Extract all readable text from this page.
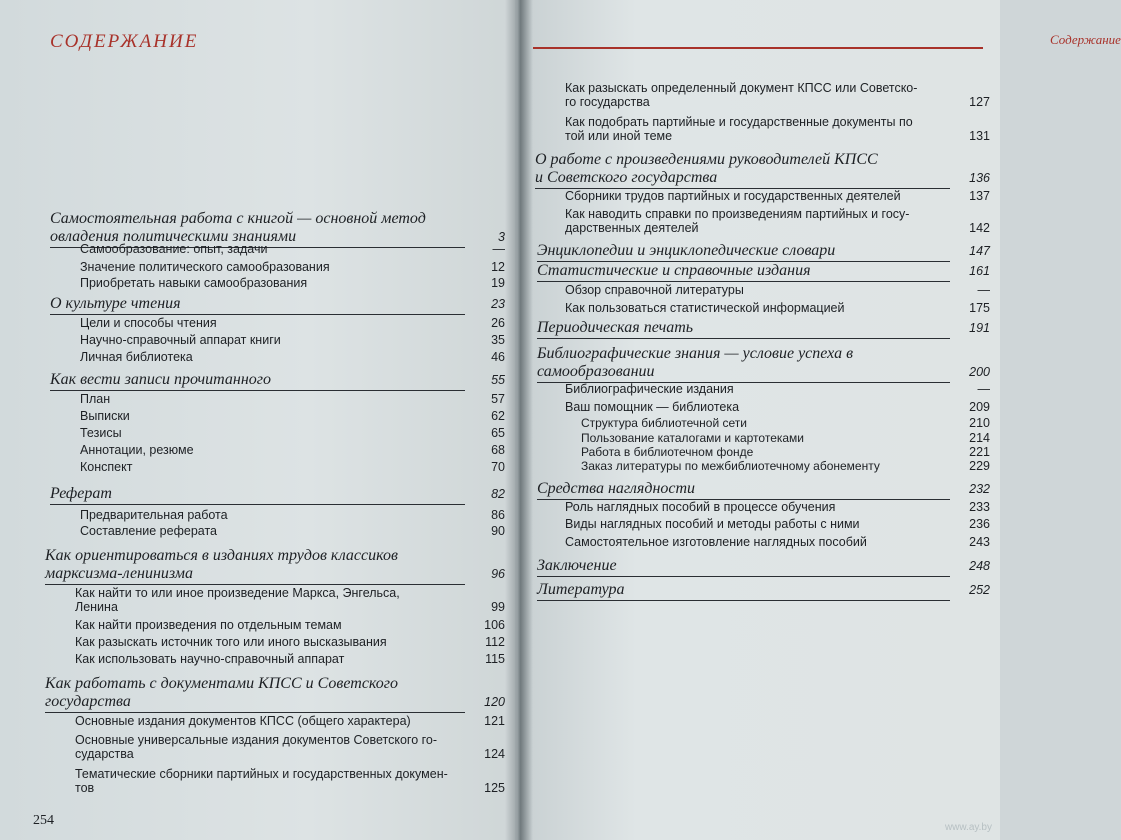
СОДЕРЖАНИЕ
Самостоятельная работа с книгой — основной метод
овладения политическими знаниями	3
Самообразование: опыт, задачи	—
Значение политического самообразования	12
Приобретать навыки самообразования	19
О культуре чтения	23
Цели и способы чтения	26
Научно-справочный аппарат книги	35
Личная библиотека	46
Как вести записи прочитанного	55
План	57
Выписки	62
Тезисы	65
Аннотации, резюме	68
Конспект	70
Реферат	82
Предварительная работа	86
Составление реферата	90
Как ориентироваться в изданиях трудов классиков
марксизма-ленинизма	96
Как найти то или иное произведение Маркса, Энгельса,
Ленина	99
Как найти произведения по отдельным темам	106
Как разыскать источник того или иного высказывания	112
Как использовать научно-справочный аппарат	115
Как работать с документами КПСС и Советского
государства	120
Основные издания документов КПСС (общего характера)	121
Основные универсальные издания документов Советского го-
сударства	124
Тематические сборники партийных и государственных докумен-
тов	125
254
Содержание
Как разыскать определенный документ КПСС или Советско-
го государства	127
Как подобрать партийные и государственные документы по
той или иной теме	131
О работе с произведениями руководителей КПСС
и Советского государства	136
Сборники трудов партийных и государственных деятелей	137
Как наводить справки по произведениям партийных и госу-
дарственных деятелей	142
Энциклопедии и энциклопедические словари	147
Статистические и справочные издания	161
Обзор справочной литературы	—
Как пользоваться статистической информацией	175
Периодическая печать	191
Библиографические знания — условие успеха в
самообразовании	200
Библиографические издания	—
Ваш помощник — библиотека	209
Структура библиотечной сети	210
Пользование каталогами и картотеками	214
Работа в библиотечном фонде	221
Заказ литературы по межбиблиотечному абонементу	229
Средства наглядности	232
Роль наглядных пособий в процессе обучения	233
Виды наглядных пособий и методы работы с ними	236
Самостоятельное изготовление наглядных пособий	243
Заключение	248
Литература	252
www.ay.by
